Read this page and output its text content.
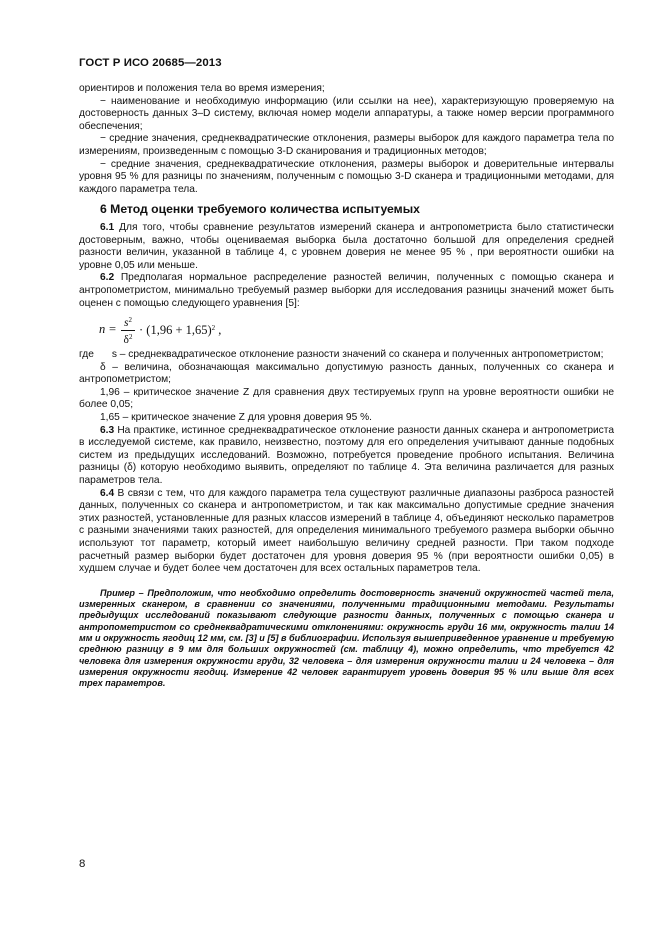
ГОСТ Р ИСО 20685—2013

ориентиров и положения тела во время измерения;

− наименование и необходимую информацию (или ссылки на нее), характеризующую проверяемую на достоверность данных 3–D систему, включая номер модели аппаратуры, а также номер версии программного обеспечения;

− средние значения, среднеквадратические отклонения, размеры выборок для каждого параметра тела по измерениям, произведенным с помощью 3-D сканирования и традиционных методов;

− средние значения, среднеквадратические отклонения, размеры выборок и доверительные интервалы уровня 95 % для разницы по значениям, полученным с помощью 3-D сканера и традиционными методами, для каждого параметра тела.

6 Метод оценки требуемого количества испытуемых

6.1 Для того, чтобы сравнение результатов измерений сканера и антропометриста было статистически достоверным, важно, чтобы оцениваемая выборка была достаточно большой для определения средней разности величин, указанной в таблице 4, с уровнем доверия не менее 95 % , при вероятности ошибки на уровне 0,05 или меньше.

6.2 Предполагая нормальное распределение разностей величин, полученных с помощью сканера и антропометристом, минимально требуемый размер выборки для исследования разницы значений может быть оценен с помощью следующего уравнения [5]:

$n = \frac{s^2}{\delta^2} \cdot (1,96 + 1,65)^2$ ,

где s – среднеквадратическое отклонение разности значений со сканера и полученных антропометристом;

δ – величина, обозначающая максимально допустимую разность данных, полученных со сканера и антропометристом;

1,96 – критическое значение Z для сравнения двух тестируемых групп на уровне вероятности ошибки не более 0,05;

1,65 – критическое значение Z для уровня доверия 95 %.

6.3 На практике, истинное среднеквадратическое отклонение разности данных сканера и антропометриста в исследуемой системе, как правило, неизвестно, поэтому для его определения учитывают данные подобных систем из предыдущих исследований. Возможно, потребуется проведение пробного испытания. Величина разницы (δ) которую необходимо выявить, определяют по таблице 4. Эта величина различается для разных параметров тела.

6.4 В связи с тем, что для каждого параметра тела существуют различные диапазоны разброса разностей данных, полученных со сканера и антропометристом, и так как максимально допустимые средние значения этих разностей, установленные для разных классов измерений в таблице 4, объединяют несколько параметров с разными значениями таких разностей, для определения минимального требуемого размера выборки обычно используют тот параметр, который имеет наибольшую величину средней разности. При таком подходе расчетный размер выборки будет достаточен для уровня доверия 95 % (при вероятности ошибки 0,05) в худшем случае и будет более чем достаточен для всех остальных параметров тела.

Пример – Предположим, что необходимо определить достоверность значений окружностей частей тела, измеренных сканером, в сравнении со значениями, полученными традиционными методами. Результаты предыдущих исследований показывают следующие разности данных, полученных с помощью сканера и антропометристом со среднеквадратическими отклонениями: окружность груди 16 мм, окружность талии 14 мм и окружность ягодиц 12 мм, см. [3] и [5] в библиографии. Используя вышеприведенное уравнение и требуемую среднюю разницу в 9 мм для больших окружностей (см. таблицу 4), можно определить, что требуется 42 человека для измерения окружности груди, 32 человека – для измерения окружности талии и 24 человека – для измерения окружности ягодиц. Измерение 42 человек гарантирует уровень доверия 95 % или выше для всех трех параметров.

8
